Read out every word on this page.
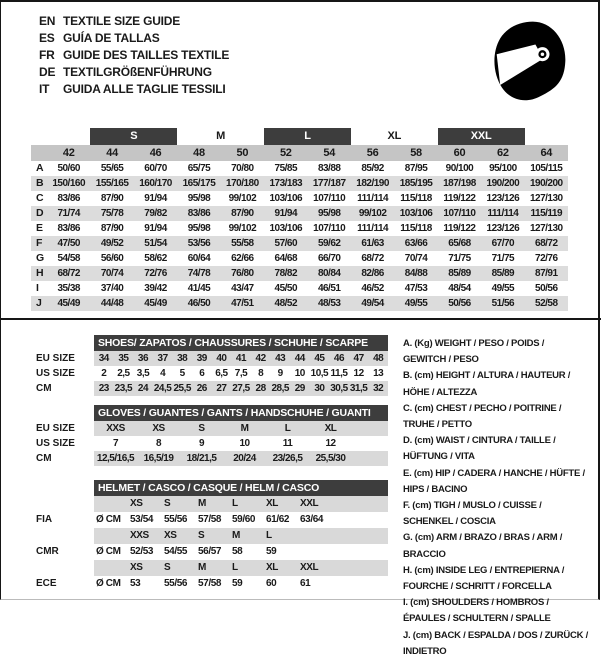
EN TEXTILE SIZE GUIDE
ES GUÍA DE TALLAS
FR GUIDE DES TAILLES TEXTILE
DE TEXTILGRÖßENFÜHRUNG
IT	GUIDA ALLE TAGLIE TESSILI
S	M	L	XL	XXL
42	44	46	48	50	52	54	56	58	60	62	64
A	50/60	55/65	60/70	65/75	70/80	75/85	83/88	85/92	87/95	90/100	95/100	105/115
B 150/160	155/165	160/170	165/175	170/180	173/183	177/187	182/190	185/195	187/198	190/200	190/200
C	83/86	87/90	91/94	95/98	99/102	103/106	107/110	111/114	115/118	119/122	123/126	127/130
D	71/74	75/78	79/82	83/86	87/90	91/94	95/98	99/102	103/106	107/110	111/114	115/119
E	83/86	87/90	91/94	95/98	99/102	103/106	107/110	111/114	115/118	119/122	123/126	127/130
F	47/50	49/52	51/54	53/56	55/58	57/60	59/62	61/63	63/66	65/68	67/70	68/72
G	54/58	56/60	58/62	60/64	62/66	64/68	66/70	68/72	70/74	71/75	71/75	72/76
H	68/72	70/74	72/76	74/78	76/80	78/82	80/84	82/86	84/88	85/89	85/89	87/91
I	35/38	37/40	39/42	41/45	43/47	45/50	46/51	46/52	47/53	48/54	49/55	50/56
J	45/49	44/48	45/49	46/50	47/51	48/52	48/53	49/54	49/55	50/56	51/56	52/58
SHOES/ ZAPATOS / CHAUSSURES / SCHUHE / SCARPE
EU SIZE	34 35 36 37 38 39 40 41 42 43 44 45 46 47 48
US SIZE	2	2,5 3,5	4	5	6	6,5 7,5	8	9	10 10,5 11,5 12 13
CM	23 23,5 24 24,5 25,5 26 27 27,5 28 28,5 29 30 30,5 31,5 32
GLOVES / GUANTES / GANTS / HANDSCHUHE / GUANTI
EU SIZE	XXS	XS	S	M	L	XL
US SIZE	7	8	9	10	11	12
CM	12,5/16,5 16,5/19	18/21,5	20/24	23/26,5	25,5/30
HELMET / CASCO / CASQUE / HELM / CASCO
XS	S	M	L	XL	XXL
FIA	Ø CM 53/54	55/56	57/58	59/60	61/62	63/64
XXS	XS	S	M	L
CMR	Ø CM 52/53	54/55	56/57	58	59
XS	S	M	L	XL	XXL
ECE	Ø CM 53	55/56	57/58	59	60	61
A. (Kg) WEIGHT / PESO / POIDS / GEWITCH / PESO
B. (cm) HEIGHT / ALTURA / HAUTEUR / HÖHE / ALTEZZA
C. (cm) CHEST / PECHO / POITRINE / TRUHE / PETTO
D. (cm) WAIST / CINTURA / TAILLE / HÜFTUNG / VITA
E. (cm) HIP / CADERA / HANCHE / HÜFTE / HIPS / BACINO
F. (cm) TIGH / MUSLO / CUISSE / SCHENKEL / COSCIA
G. (cm) ARM / BRAZO / BRAS / ARM / BRACCIO
H. (cm) INSIDE LEG / ENTREPIERNA / FOURCHE / SCHRITT / FORCELLA
I. (cm) SHOULDERS / HOMBROS / ÉPAULES / SCHULTERN / SPALLE
J. (cm) BACK / ESPALDA / DOS / ZURÜCK / INDIETRO
